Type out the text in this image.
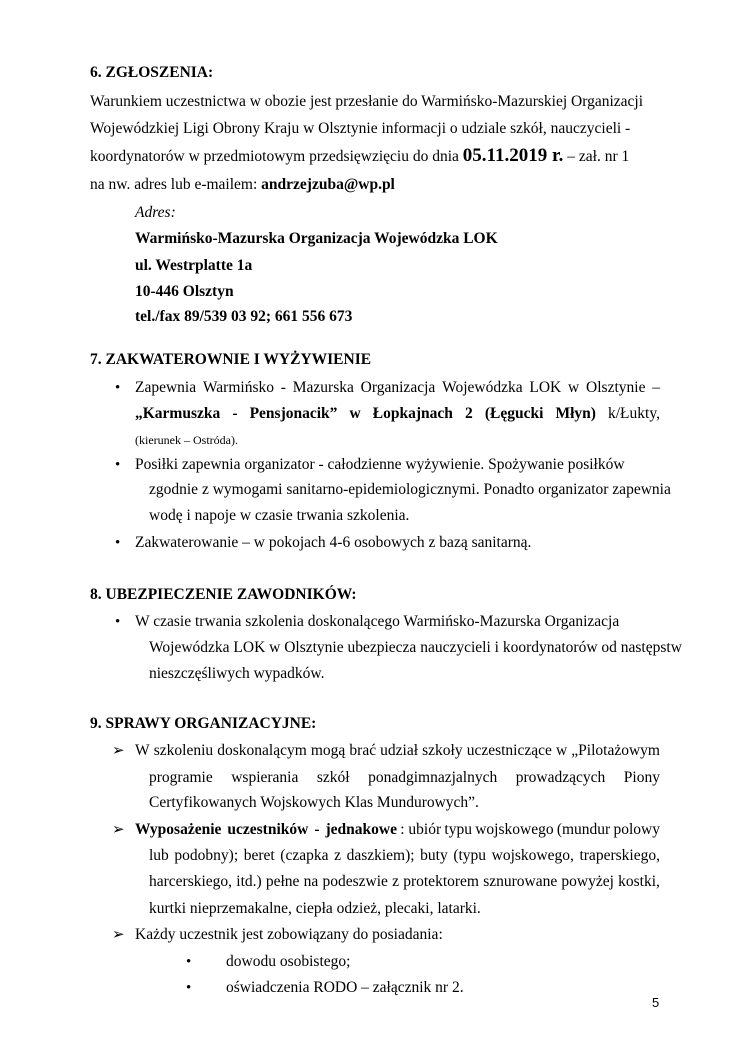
6. ZGŁOSZENIA:
Warunkiem uczestnictwa w obozie jest przesłanie do Warmińsko-Mazurskiej Organizacji
Wojewódzkiej Ligi Obrony Kraju w Olsztynie informacji o udziale szkół, nauczycieli -
koordynatorów w przedmiotowym przedsięwzięciu do dnia 05.11.2019 r. – zał. nr 1
na nw. adres lub e-mailem: andrzejzuba@wp.pl
Adres:
Warmińsko-Mazurska Organizacja Wojewódzka LOK
ul. Westrplatte 1a
10-446 Olsztyn
tel./fax 89/539 03 92; 661 556 673
7. ZAKWATEROWNIE I WYŻYWIENIE
• Zapewnia Warmińsko - Mazurska Organizacja Wojewódzka LOK w Olsztynie –
„Karmuszka - Pensjonacik” w Łopkajnach 2 (Łęgucki Młyn) k/Łukty,
(kierunek – Ostróda).
• Posiłki zapewnia organizator - całodzienne wyżywienie. Spożywanie posiłków
zgodnie z wymogami sanitarno-epidemiologicznymi. Ponadto organizator zapewnia
wodę i napoje w czasie trwania szkolenia.
• Zakwaterowanie – w pokojach 4-6 osobowych z bazą sanitarną.
8. UBEZPIECZENIE ZAWODNIKÓW:
• W czasie trwania szkolenia doskonalącego Warmińsko-Mazurska Organizacja
Wojewódzka LOK w Olsztynie ubezpiecza nauczycieli i koordynatorów od następstw
nieszczęśliwych wypadków.
9. SPRAWY ORGANIZACYJNE:
➢ W szkoleniu doskonalącym mogą brać udział szkoły uczestniczące w „Pilotażowym
programie wspierania szkół ponadgimnazjalnych prowadzących Piony
Certyfikowanych Wojskowych Klas Mundurowych”.
➢ Wyposażenie uczestników - jednakowe : ubiór typu wojskowego (mundur polowy
lub podobny); beret (czapka z daszkiem); buty (typu wojskowego, traperskiego,
harcerskiego, itd.) pełne na podeszwie z protektorem sznurowane powyżej kostki,
kurtki nieprzemakalne, ciepła odzież, plecaki, latarki.
➢ Każdy uczestnik jest zobowiązany do posiadania:
• dowodu osobistego;
• oświadczenia RODO – załącznik nr 2.
5
